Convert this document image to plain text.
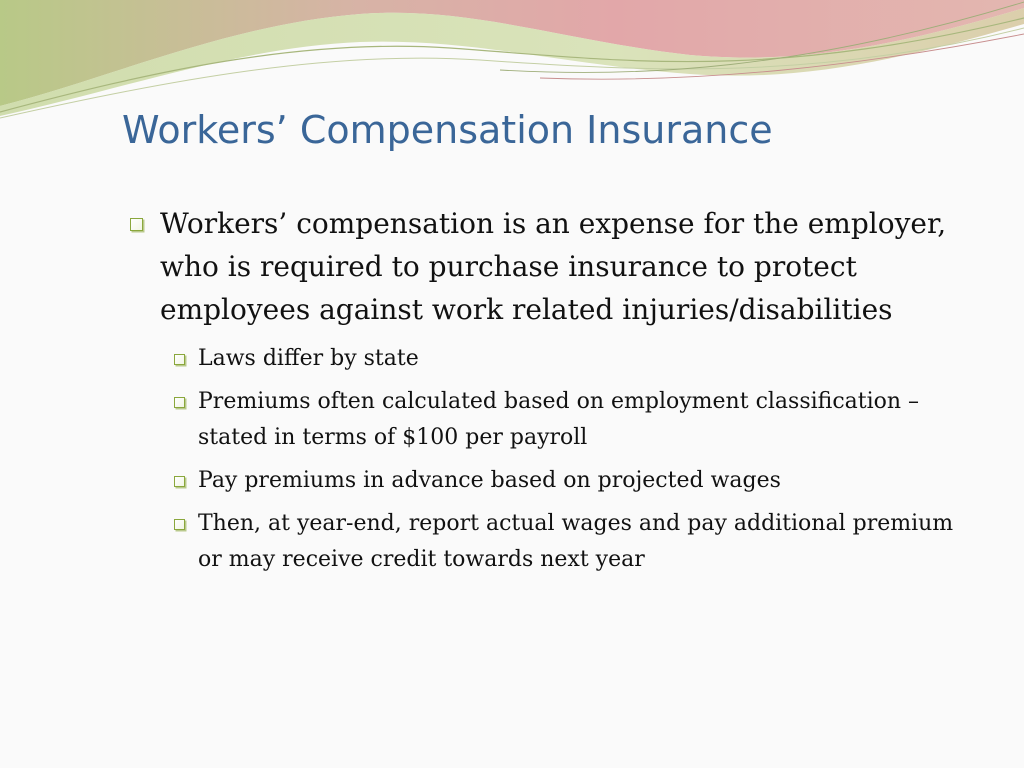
Workers’ Compensation Insurance
Workers’ compensation is an expense for the employer, who is required to purchase insurance to protect employees against work related injuries/disabilities
Laws differ by state
Premiums often calculated based on employment classification – stated in terms of $100 per payroll
Pay premiums in advance based on projected wages
Then, at year-end, report actual wages and pay additional premium or may receive credit towards next year
